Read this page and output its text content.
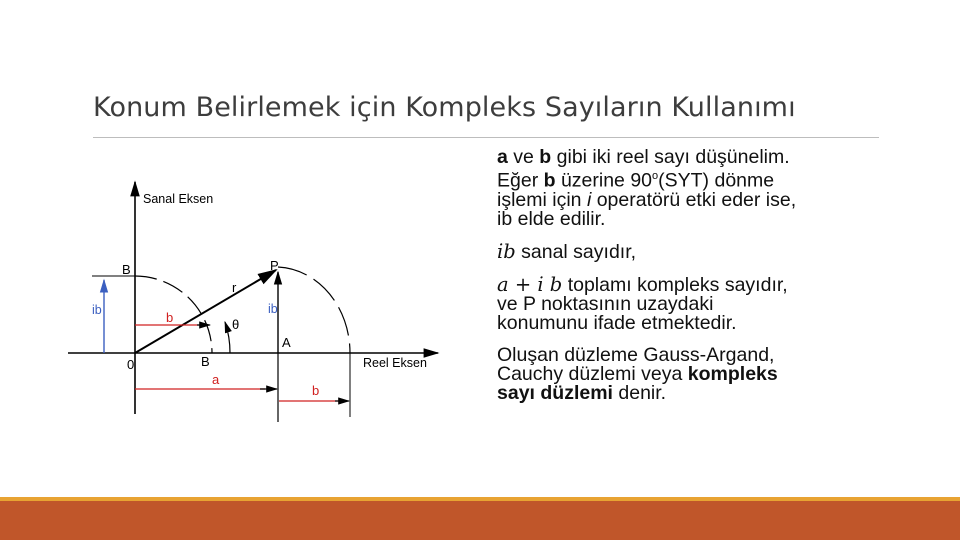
Konum Belirlemek için Kompleks Sayıların Kullanımı
Sanal Eksen
Reel Eksen
0
B	P
B
A
r
θ
ib	ib
b
a
b
a ve b gibi iki reel sayı düşünelim.
Eğer b üzerine 90$^o$(SYT) dönme
işlemi için i operatörü etki eder ise,
ib elde edilir.
ib sanal sayıdır,
a + i b toplamı kompleks sayıdır,
ve P noktasının uzaydaki
konumunu ifade etmektedir.
Oluşan düzleme Gauss-Argand,
Cauchy düzlemi veya kompleks
sayı düzlemi denir.
